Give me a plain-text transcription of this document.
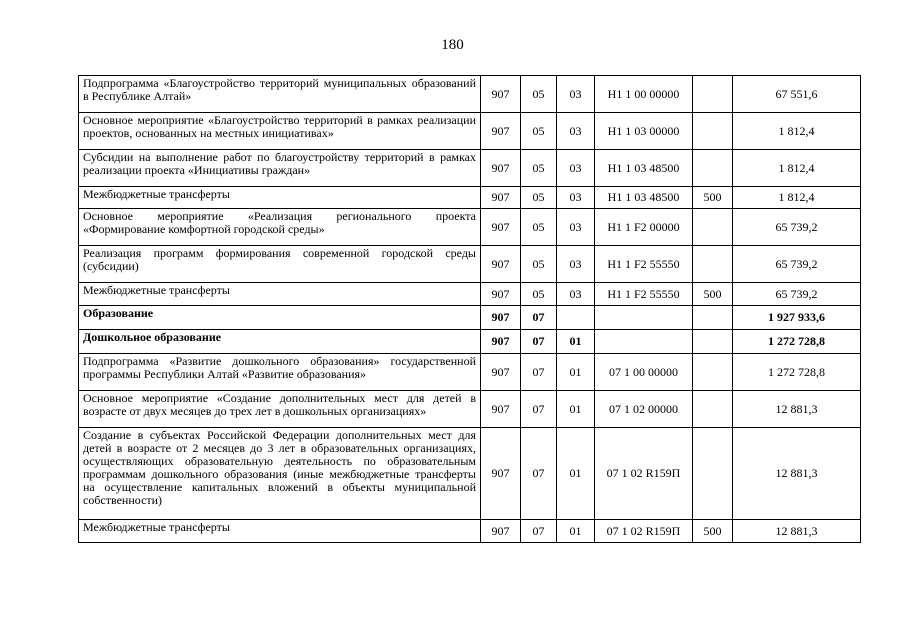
180
Подпрограмма «Благоустройство территорий муниципальных образований в Республике Алтай»	907	05	03	Н1 1 00 00000		67 551,6
Основное мероприятие «Благоустройство территорий в рамках реализации проектов, основанных на местных инициативах»	907	05	03	Н1 1 03 00000		1 812,4
Субсидии на выполнение работ по благоустройству территорий в рамках реализации проекта «Инициативы граждан»	907	05	03	Н1 1 03 48500		1 812,4
Межбюджетные трансферты	907	05	03	Н1 1 03 48500	500	1 812,4
Основное мероприятие «Реализация регионального проекта «Формирование комфортной городской среды»	907	05	03	Н1 1 F2 00000		65 739,2
Реализация программ формирования современной городской среды (субсидии)	907	05	03	Н1 1 F2 55550		65 739,2
Межбюджетные трансферты	907	05	03	Н1 1 F2 55550	500	65 739,2
Образование	907	07				1 927 933,6
Дошкольное образование	907	07	01			1 272 728,8
Подпрограмма «Развитие дошкольного образования» государственной программы Республики Алтай «Развитие образования»	907	07	01	07 1 00 00000		1 272 728,8
Основное мероприятие «Создание дополнительных мест для детей в возрасте от двух месяцев до трех лет в дошкольных организациях»	907	07	01	07 1 02 00000		12 881,3
Создание в субъектах Российской Федерации дополнительных мест для детей в возрасте от 2 месяцев до 3 лет в образовательных организациях, осуществляющих образовательную деятельность по образовательным программам дошкольного образования (иные межбюджетные трансферты на осуществление капитальных вложений в объекты муниципальной собственности)	907	07	01	07 1 02 R159П		12 881,3
Межбюджетные трансферты	907	07	01	07 1 02 R159П	500	12 881,3
